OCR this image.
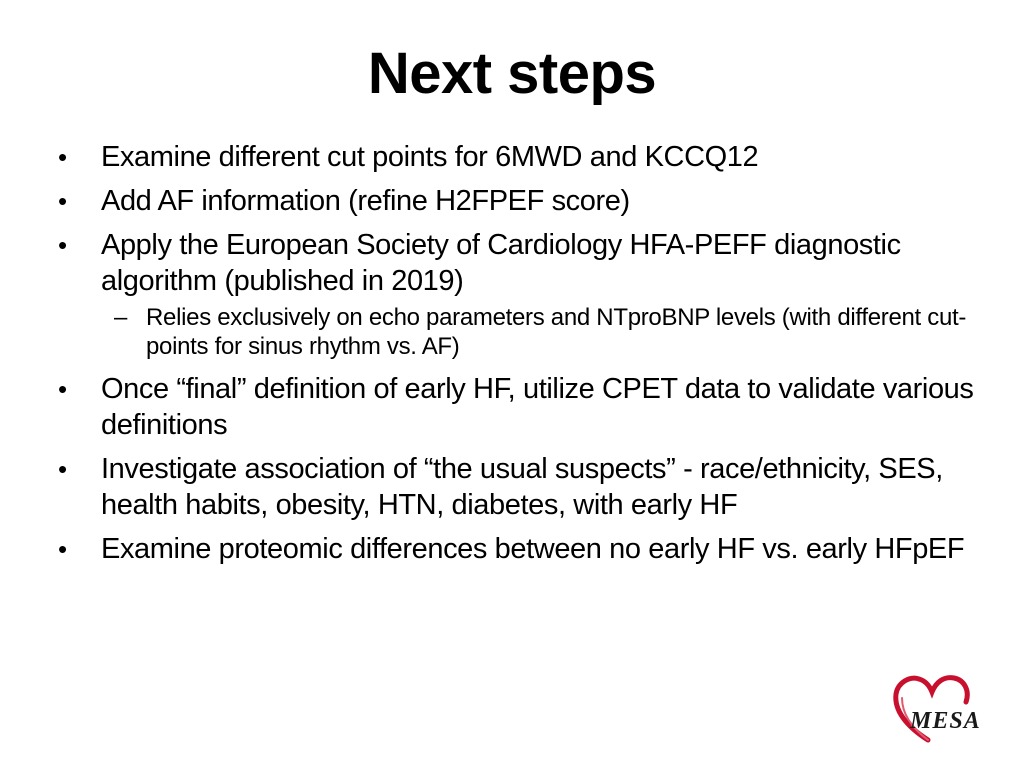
Next steps
• Examine different cut points for 6MWD and KCCQ12
• Add AF information (refine H2FPEF score)
• Apply the European Society of Cardiology HFA-PEFF diagnostic algorithm (published in 2019)
– Relies exclusively on echo parameters and NTproBNP levels (with different cut-points for sinus rhythm vs. AF)
• Once “final” definition of early HF, utilize CPET data to validate various definitions
• Investigate association of “the usual suspects” - race/ethnicity, SES, health habits, obesity, HTN, diabetes, with early HF
• Examine proteomic differences between no early HF vs. early HFpEF
MESA
